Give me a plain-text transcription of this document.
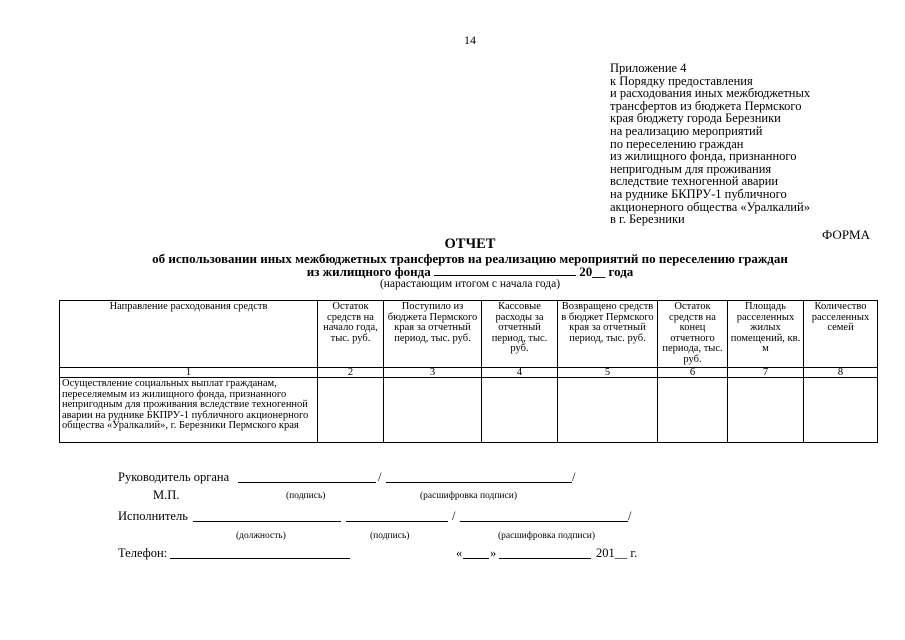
14
Приложение 4
к Порядку предоставления
и расходования иных межбюджетных
трансфертов из бюджета Пермского
края бюджету города Березники
на реализацию мероприятий
по переселению граждан
из жилищного фонда, признанного
непригодным для проживания
вследствие техногенной аварии
на руднике БКПРУ-1 публичного
акционерного общества «Уралкалий»
в г. Березники
ФОРМА
ОТЧЕТ
об использовании иных межбюджетных трансфертов на реализацию мероприятий по переселению граждан
из жилищного фонда	20__ года
(нарастающим итогом с начала года)
Направление расходования средств	Остаток средств на начало года, тыс. руб.	Поступило из бюджета Пермского края за отчетный период, тыс. руб.	Кассовые расходы за отчетный период, тыс. руб.	Возвращено средств в бюджет Пермского края за отчетный период, тыс. руб.	Остаток средств на конец отчетного периода, тыс. руб.	Площадь расселенных жилых помещений, кв. м	Количество расселенных семей
1	2	3	4	5	6	7	8
Осуществление социальных выплат гражданам, переселяемым из жилищного фонда, признанного непригодным для проживания вследствие техногенной аварии на руднике БКПРУ-1 публичного акционерного общества «Уралкалий», г. Березники Пермского края							
Руководитель органа	/	/
М.П.	(подпись)	(расшифровка подписи)
Исполнитель	/	/
(должность)	(подпись)	(расшифровка подписи)
Телефон:	« »	201__ г.
